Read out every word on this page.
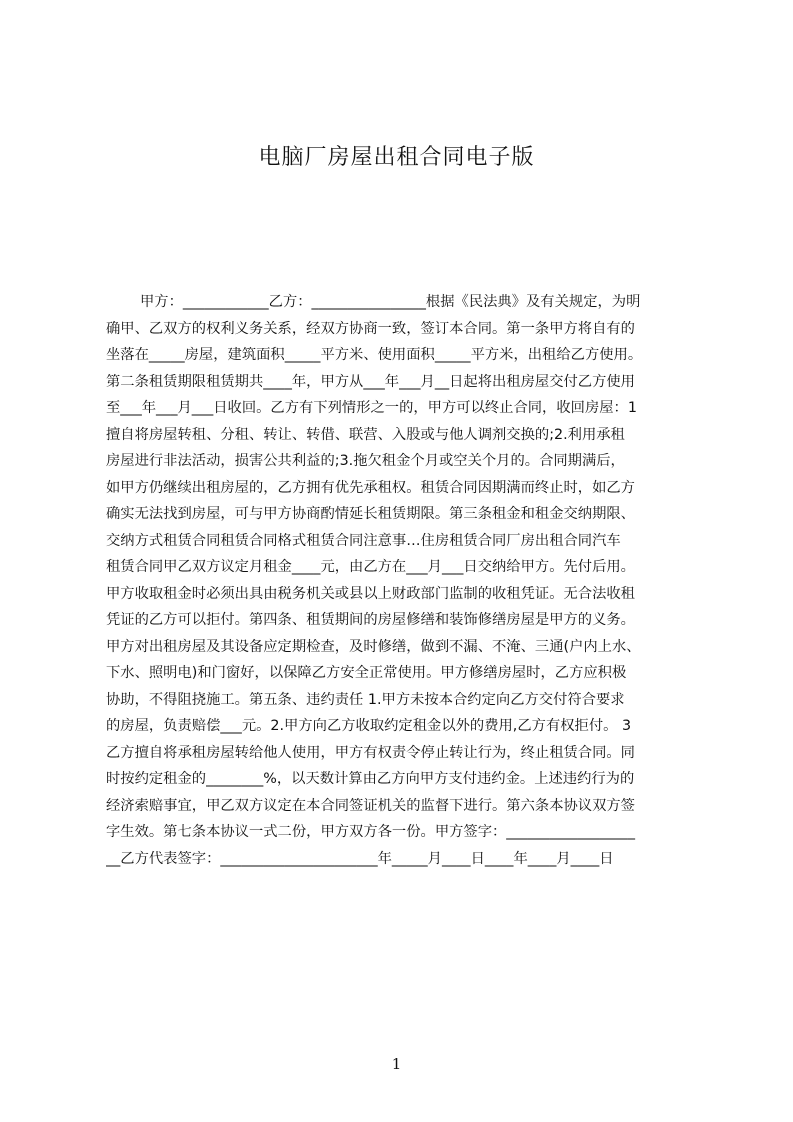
电脑厂房屋出租合同电子版
甲方：____________乙方：________________根据《民法典》及有关规定，为明
确甲、乙双方的权利义务关系，经双方协商一致，签订本合同。第一条甲方将自有的
坐落在_____房屋，建筑面积_____平方米、使用面积_____平方米，出租给乙方使用。
第二条租赁期限租赁期共____年，甲方从___年___月__日起将出租房屋交付乙方使用
至___年___月___日收回。乙方有下列情形之一的，甲方可以终止合同，收回房屋：1
擅自将房屋转租、分租、转让、转借、联营、入股或与他人调剂交换的;2.利用承租
房屋进行非法活动，损害公共利益的;3.拖欠租金个月或空关个月的。合同期满后，
如甲方仍继续出租房屋的，乙方拥有优先承租权。租赁合同因期满而终止时，如乙方
确实无法找到房屋，可与甲方协商酌情延长租赁期限。第三条租金和租金交纳期限、
交纳方式租赁合同租赁合同格式租赁合同注意事…住房租赁合同厂房出租合同汽车
租赁合同甲乙双方议定月租金____元，由乙方在___月___日交纳给甲方。先付后用。
甲方收取租金时必须出具由税务机关或县以上财政部门监制的收租凭证。无合法收租
凭证的乙方可以拒付。第四条、租赁期间的房屋修缮和装饰修缮房屋是甲方的义务。
甲方对出租房屋及其设备应定期检查，及时修缮，做到不漏、不淹、三通(户内上水、
下水、照明电)和门窗好，以保障乙方安全正常使用。甲方修缮房屋时，乙方应积极
协助，不得阻挠施工。第五条、违约责任 1.甲方未按本合约定向乙方交付符合要求
的房屋，负责赔偿___元。2.甲方向乙方收取约定租金以外的费用,乙方有权拒付。 3
乙方擅自将承租房屋转给他人使用，甲方有权责令停止转让行为，终止租赁合同。同
时按约定租金的________%，以天数计算由乙方向甲方支付违约金。上述违约行为的
经济索赔事宜，甲乙双方议定在本合同签证机关的监督下进行。第六条本协议双方签
字生效。第七条本协议一式二份，甲方双方各一份。甲方签字：__________________
__乙方代表签字：______________________年_____月____日____年____月____日
1
